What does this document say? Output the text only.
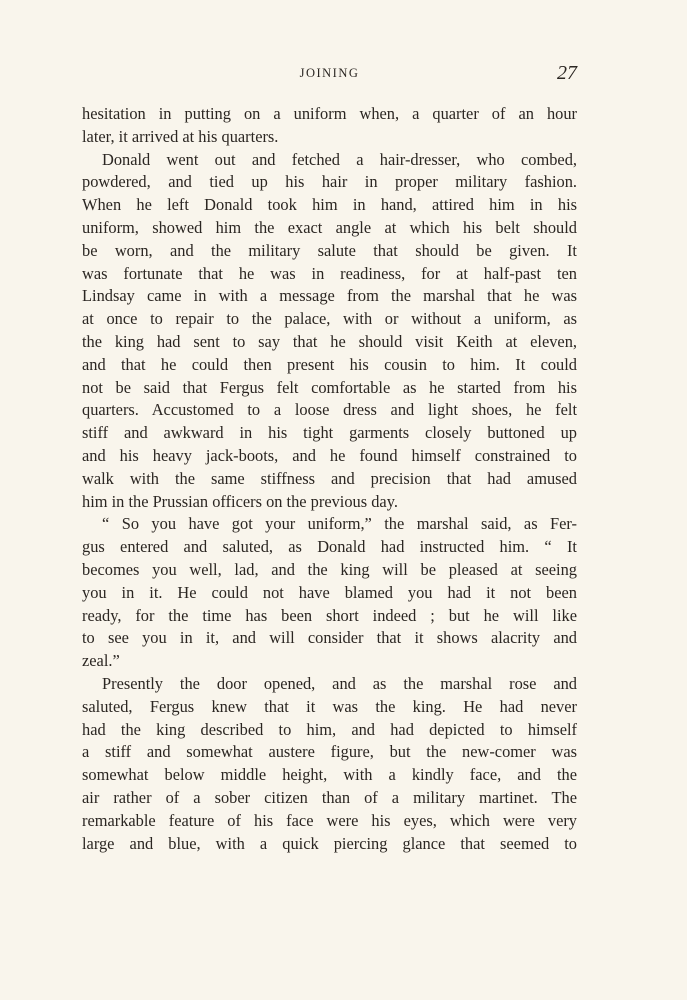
JOINING	27
hesitation in putting on a uniform when, a quarter of an hour
later, it arrived at his quarters.
Donald went out and fetched a hair-dresser, who combed,
powdered, and tied up his hair in proper military fashion.
When he left Donald took him in hand, attired him in his
uniform, showed him the exact angle at which his belt should
be worn, and the military salute that should be given. It
was fortunate that he was in readiness, for at half-past ten
Lindsay came in with a message from the marshal that he was
at once to repair to the palace, with or without a uniform, as
the king had sent to say that he should visit Keith at eleven,
and that he could then present his cousin to him. It could
not be said that Fergus felt comfortable as he started from his
quarters. Accustomed to a loose dress and light shoes, he felt
stiff and awkward in his tight garments closely buttoned up
and his heavy jack-boots, and he found himself constrained to
walk with the same stiffness and precision that had amused
him in the Prussian officers on the previous day.
“ So you have got your uniform,” the marshal said, as Fer-
gus entered and saluted, as Donald had instructed him. “ It
becomes you well, lad, and the king will be pleased at seeing
you in it. He could not have blamed you had it not been
ready, for the time has been short indeed ; but he will like
to see you in it, and will consider that it shows alacrity and
zeal.”
Presently the door opened, and as the marshal rose and
saluted, Fergus knew that it was the king. He had never
had the king described to him, and had depicted to himself
a stiff and somewhat austere figure, but the new-comer was
somewhat below middle height, with a kindly face, and the
air rather of a sober citizen than of a military martinet. The
remarkable feature of his face were his eyes, which were very
large and blue, with a quick piercing glance that seemed to
